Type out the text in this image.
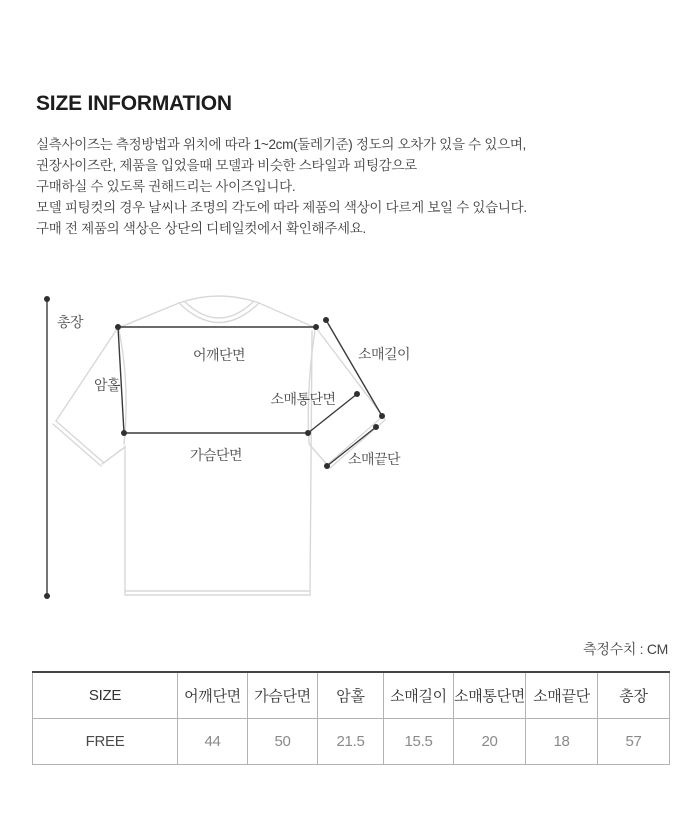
SIZE INFORMATION
실측사이즈는 측정방법과 위치에 따라 1~2cm(둘레기준) 정도의 오차가 있을 수 있으며,
권장사이즈란, 제품을 입었을때 모델과 비슷한 스타일과 피팅감으로
구매하실 수 있도록 권해드리는 사이즈입니다.
모델 피팅컷의 경우 날씨나 조명의 각도에 따라 제품의 색상이 다르게 보일 수 있습니다.
구매 전 제품의 색상은 상단의 디테일컷에서 확인해주세요.
총장
어깨단면
암홀
가슴단면
소매길이
소매통단면
소매끝단
측정수치 : CM
SIZE	어깨단면	가슴단면	암홀	소매길이	소매통단면	소매끝단	총장
FREE	44	50	21.5	15.5	20	18	57
